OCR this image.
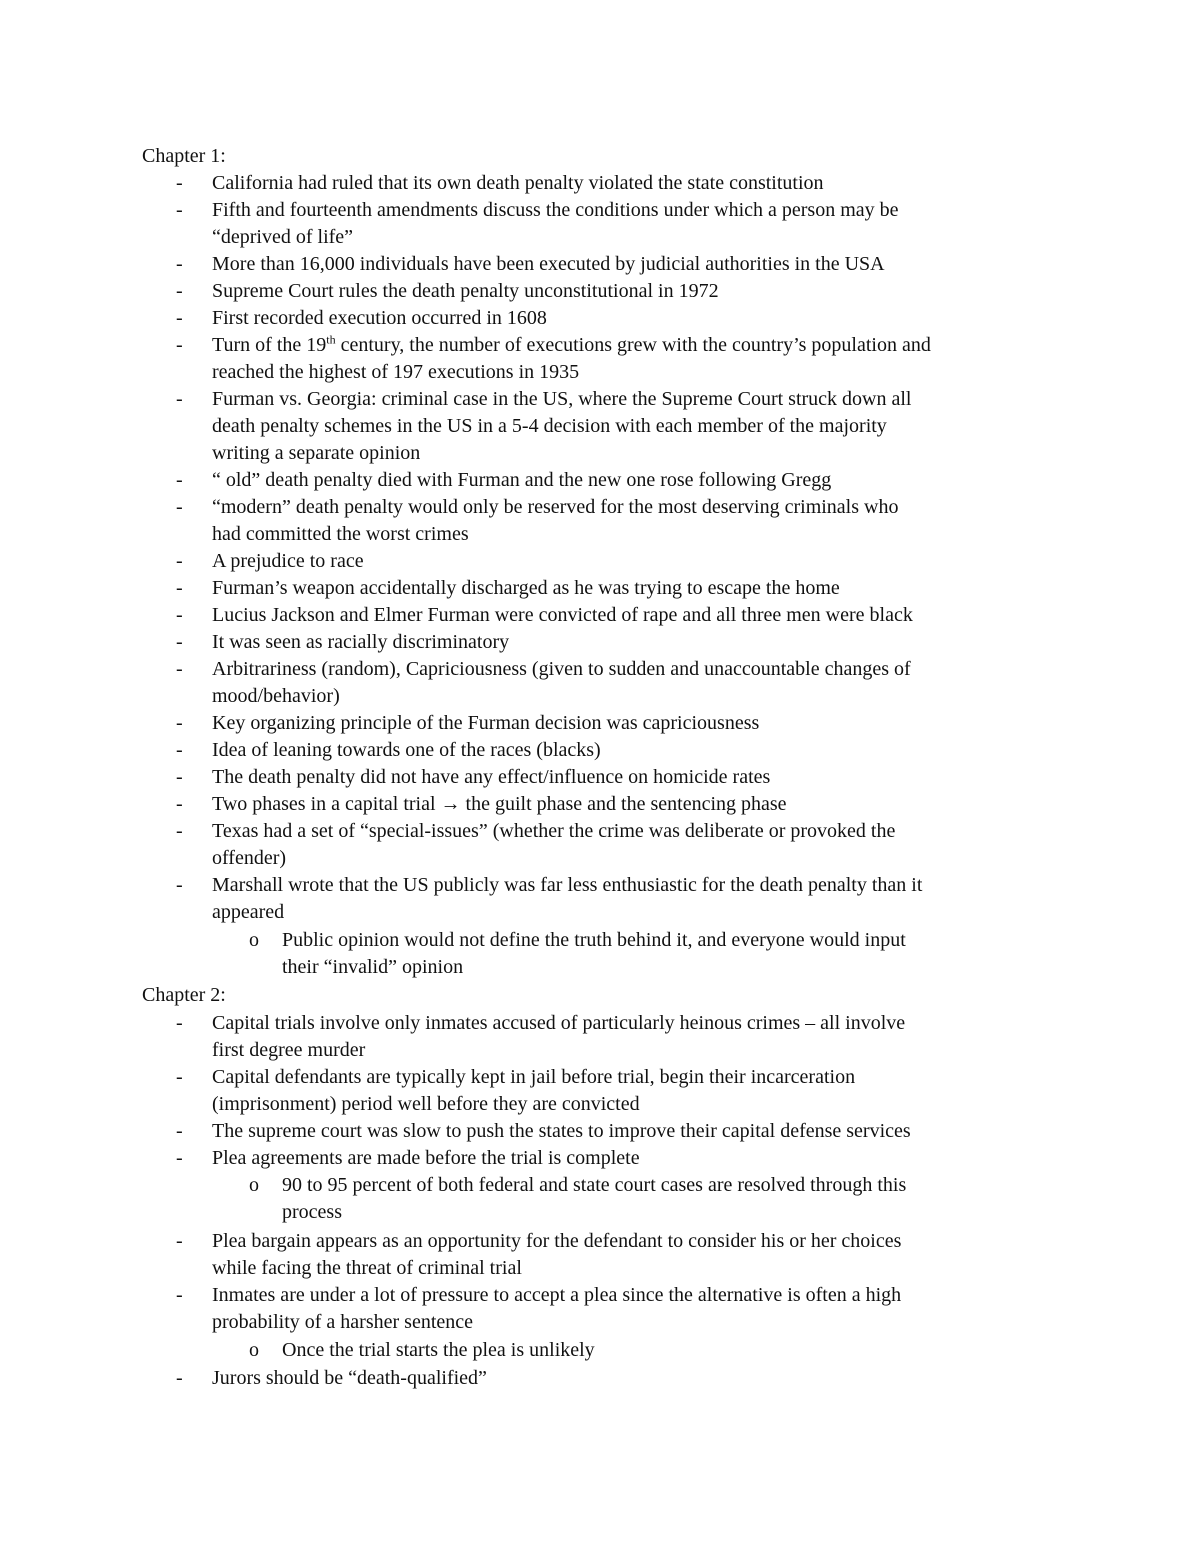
Chapter 1:
- California had ruled that its own death penalty violated the state constitution
- Fifth and fourteenth amendments discuss the conditions under which a person may be
“deprived of life”
- More than 16,000 individuals have been executed by judicial authorities in the USA
- Supreme Court rules the death penalty unconstitutional in 1972
- First recorded execution occurred in 1608
- Turn of the 19th century, the number of executions grew with the country’s population and
reached the highest of 197 executions in 1935
- Furman vs. Georgia: criminal case in the US, where the Supreme Court struck down all
death penalty schemes in the US in a 5-4 decision with each member of the majority
writing a separate opinion
- “ old” death penalty died with Furman and the new one rose following Gregg
- “modern” death penalty would only be reserved for the most deserving criminals who
had committed the worst crimes
- A prejudice to race
- Furman’s weapon accidentally discharged as he was trying to escape the home
- Lucius Jackson and Elmer Furman were convicted of rape and all three men were black
- It was seen as racially discriminatory
- Arbitrariness (random), Capriciousness (given to sudden and unaccountable changes of
mood/behavior)
- Key organizing principle of the Furman decision was capriciousness
- Idea of leaning towards one of the races (blacks)
- The death penalty did not have any effect/influence on homicide rates
- Two phases in a capital trial → the guilt phase and the sentencing phase
- Texas had a set of “special-issues” (whether the crime was deliberate or provoked the
offender)
- Marshall wrote that the US publicly was far less enthusiastic for the death penalty than it
appeared
o Public opinion would not define the truth behind it, and everyone would input
their “invalid” opinion
Chapter 2:
- Capital trials involve only inmates accused of particularly heinous crimes – all involve
first degree murder
- Capital defendants are typically kept in jail before trial, begin their incarceration
(imprisonment) period well before they are convicted
- The supreme court was slow to push the states to improve their capital defense services
- Plea agreements are made before the trial is complete
o 90 to 95 percent of both federal and state court cases are resolved through this
process
- Plea bargain appears as an opportunity for the defendant to consider his or her choices
while facing the threat of criminal trial
- Inmates are under a lot of pressure to accept a plea since the alternative is often a high
probability of a harsher sentence
o Once the trial starts the plea is unlikely
- Jurors should be “death-qualified”
